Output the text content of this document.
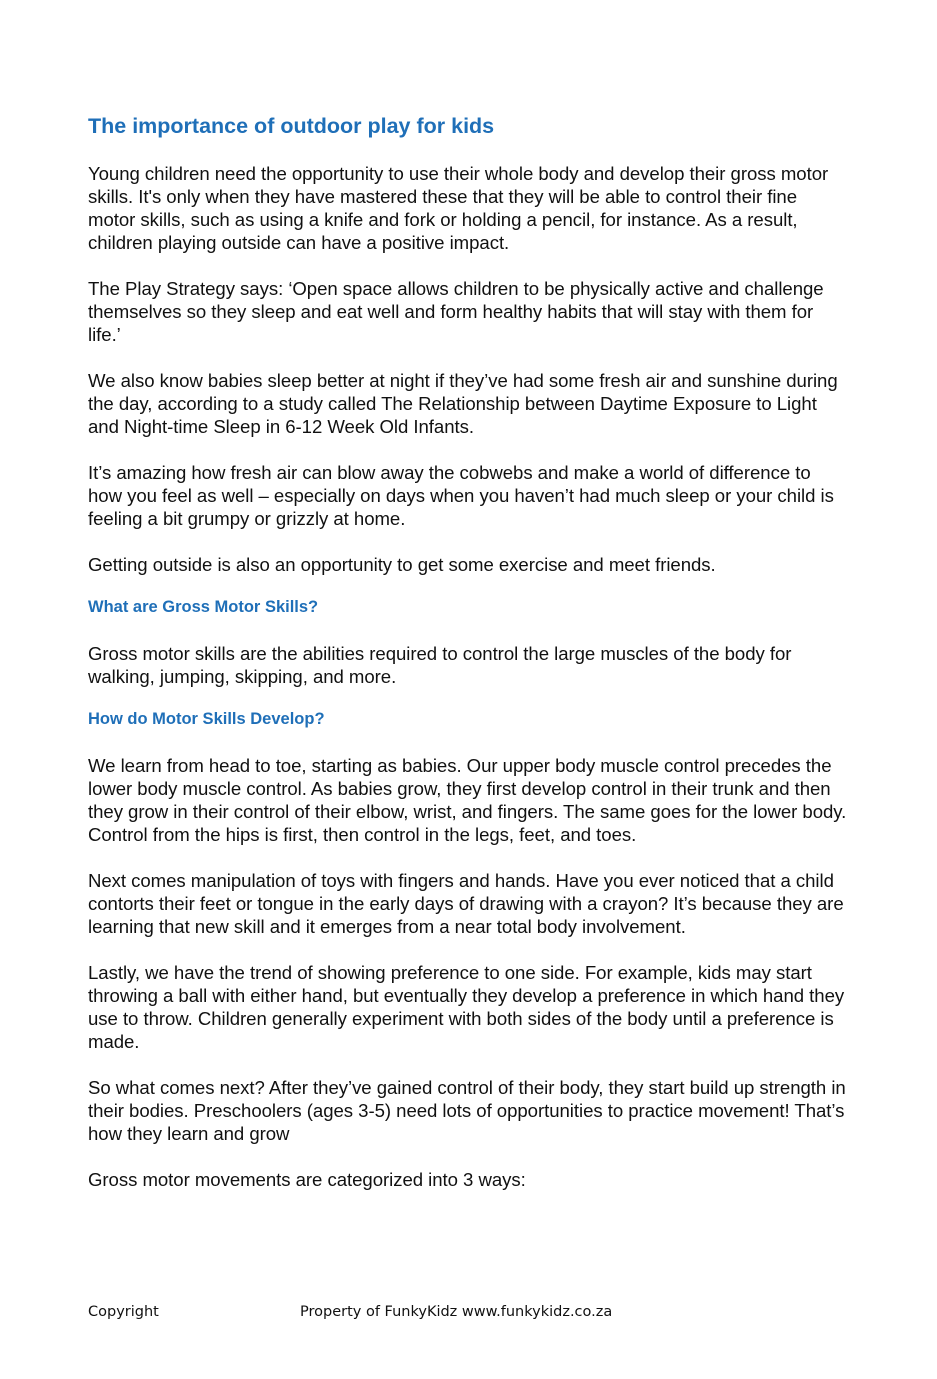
The importance of outdoor play for kids

Young children need the opportunity to use their whole body and develop their gross motor skills. It's only when they have mastered these that they will be able to control their fine motor skills, such as using a knife and fork or holding a pencil, for instance. As a result, children playing outside can have a positive impact.

The Play Strategy says: ‘Open space allows children to be physically active and challenge themselves so they sleep and eat well and form healthy habits that will stay with them for life.’

We also know babies sleep better at night if they’ve had some fresh air and sunshine during the day, according to a study called The Relationship between Daytime Exposure to Light and Night-time Sleep in 6-12 Week Old Infants.

It’s amazing how fresh air can blow away the cobwebs and make a world of difference to how you feel as well – especially on days when you haven’t had much sleep or your child is feeling a bit grumpy or grizzly at home.

Getting outside is also an opportunity to get some exercise and meet friends.

What are Gross Motor Skills?

Gross motor skills are the abilities required to control the large muscles of the body for walking, jumping, skipping, and more.

How do Motor Skills Develop?

We learn from head to toe, starting as babies. Our upper body muscle control precedes the lower body muscle control. As babies grow, they first develop control in their trunk and then they grow in their control of their elbow, wrist, and fingers. The same goes for the lower body. Control from the hips is first, then control in the legs, feet, and toes.

Next comes manipulation of toys with fingers and hands. Have you ever noticed that a child contorts their feet or tongue in the early days of drawing with a crayon? It’s because they are learning that new skill and it emerges from a near total body involvement.

Lastly, we have the trend of showing preference to one side. For example, kids may start throwing a ball with either hand, but eventually they develop a preference in which hand they use to throw. Children generally experiment with both sides of the body until a preference is made.

So what comes next? After they’ve gained control of their body, they start build up strength in their bodies. Preschoolers (ages 3-5) need lots of opportunities to practice movement! That’s how they learn and grow

Gross motor movements are categorized into 3 ways:

Copyright	Property of FunkyKidz www.funkykidz.co.za
